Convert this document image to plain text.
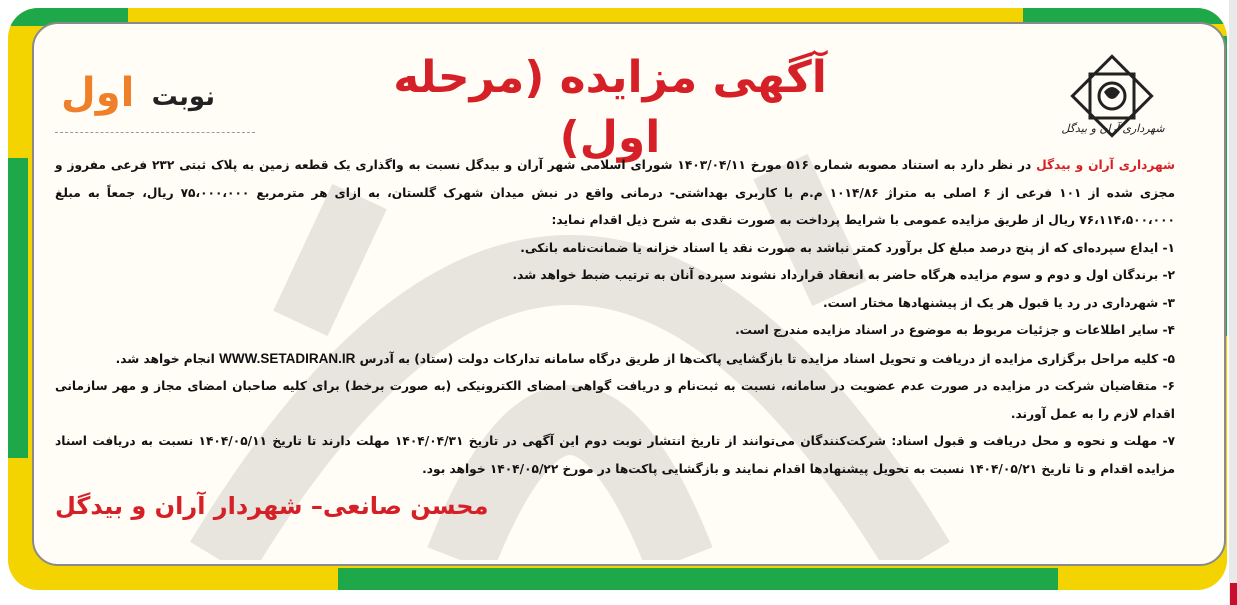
شهرداری آران و بیدگل
آگهی مزایده (مرحله اول)
نوبت
اول

شهرداری آران و بیدگل در نظر دارد به استناد مصوبه شماره ۵۱۶ مورخ ۱۴۰۳/۰۴/۱۱ شورای اسلامی شهر آران و بیدگل نسبت به واگذاری یک قطعه زمین به پلاک ثبتی ۲۳۲ فرعی مفروز و مجزی شده از ۱۰۱ فرعی از ۶ اصلی به متراژ ۱۰۱۴/۸۶ م.م با کاربری بهداشتی- درمانی واقع در نبش میدان شهرک گلستان، به ازای هر مترمربع ۷۵،۰۰۰،۰۰۰ ریال، جمعاً به مبلغ ۷۶،۱۱۴،۵۰۰،۰۰۰ ریال از طریق مزایده عمومی با شرایط پرداخت به صورت نقدی به شرح ذیل اقدام نماید:

۱- ایداع سپرده‌ای که از پنج درصد مبلغ کل برآورد کمتر نباشد به صورت نقد یا اسناد خزانه یا ضمانت‌نامه بانکی.

۲- برندگان اول و دوم و سوم مزایده هرگاه حاضر به انعقاد قرارداد نشوند سپرده آنان به ترتیب ضبط خواهد شد.

۳- شهرداری در رد یا قبول هر یک از پیشنهادها مختار است.

۴- سایر اطلاعات و جزئیات مربوط به موضوع در اسناد مزایده مندرج است.

۵- کلیه مراحل برگزاری مزایده از دریافت و تحویل اسناد مزایده تا بازگشایی پاکت‌ها از طریق درگاه سامانه تدارکات دولت (ستاد) به آدرس WWW.SETADIRAN.IR انجام خواهد شد.

۶- متقاضیان شرکت در مزایده در صورت عدم عضویت در سامانه، نسبت به ثبت‌نام و دریافت گواهی امضای الکترونیکی (به صورت برخط) برای کلیه صاحبان امضای مجاز و مهر سازمانی اقدام لازم را به عمل آورند.

۷- مهلت و نحوه و محل دریافت و قبول اسناد: شرکت‌کنندگان می‌توانند از تاریخ انتشار نوبت دوم این آگهی در تاریخ ۱۴۰۴/۰۴/۳۱ مهلت دارند تا تاریخ ۱۴۰۴/۰۵/۱۱ نسبت به دریافت اسناد مزایده اقدام و تا تاریخ ۱۴۰۴/۰۵/۲۱ نسبت به تحویل پیشنهادها اقدام نمایند و بازگشایی پاکت‌ها در مورخ ۱۴۰۴/۰۵/۲۲ خواهد بود.

محسن صانعی– شهردار آران و بیدگل
